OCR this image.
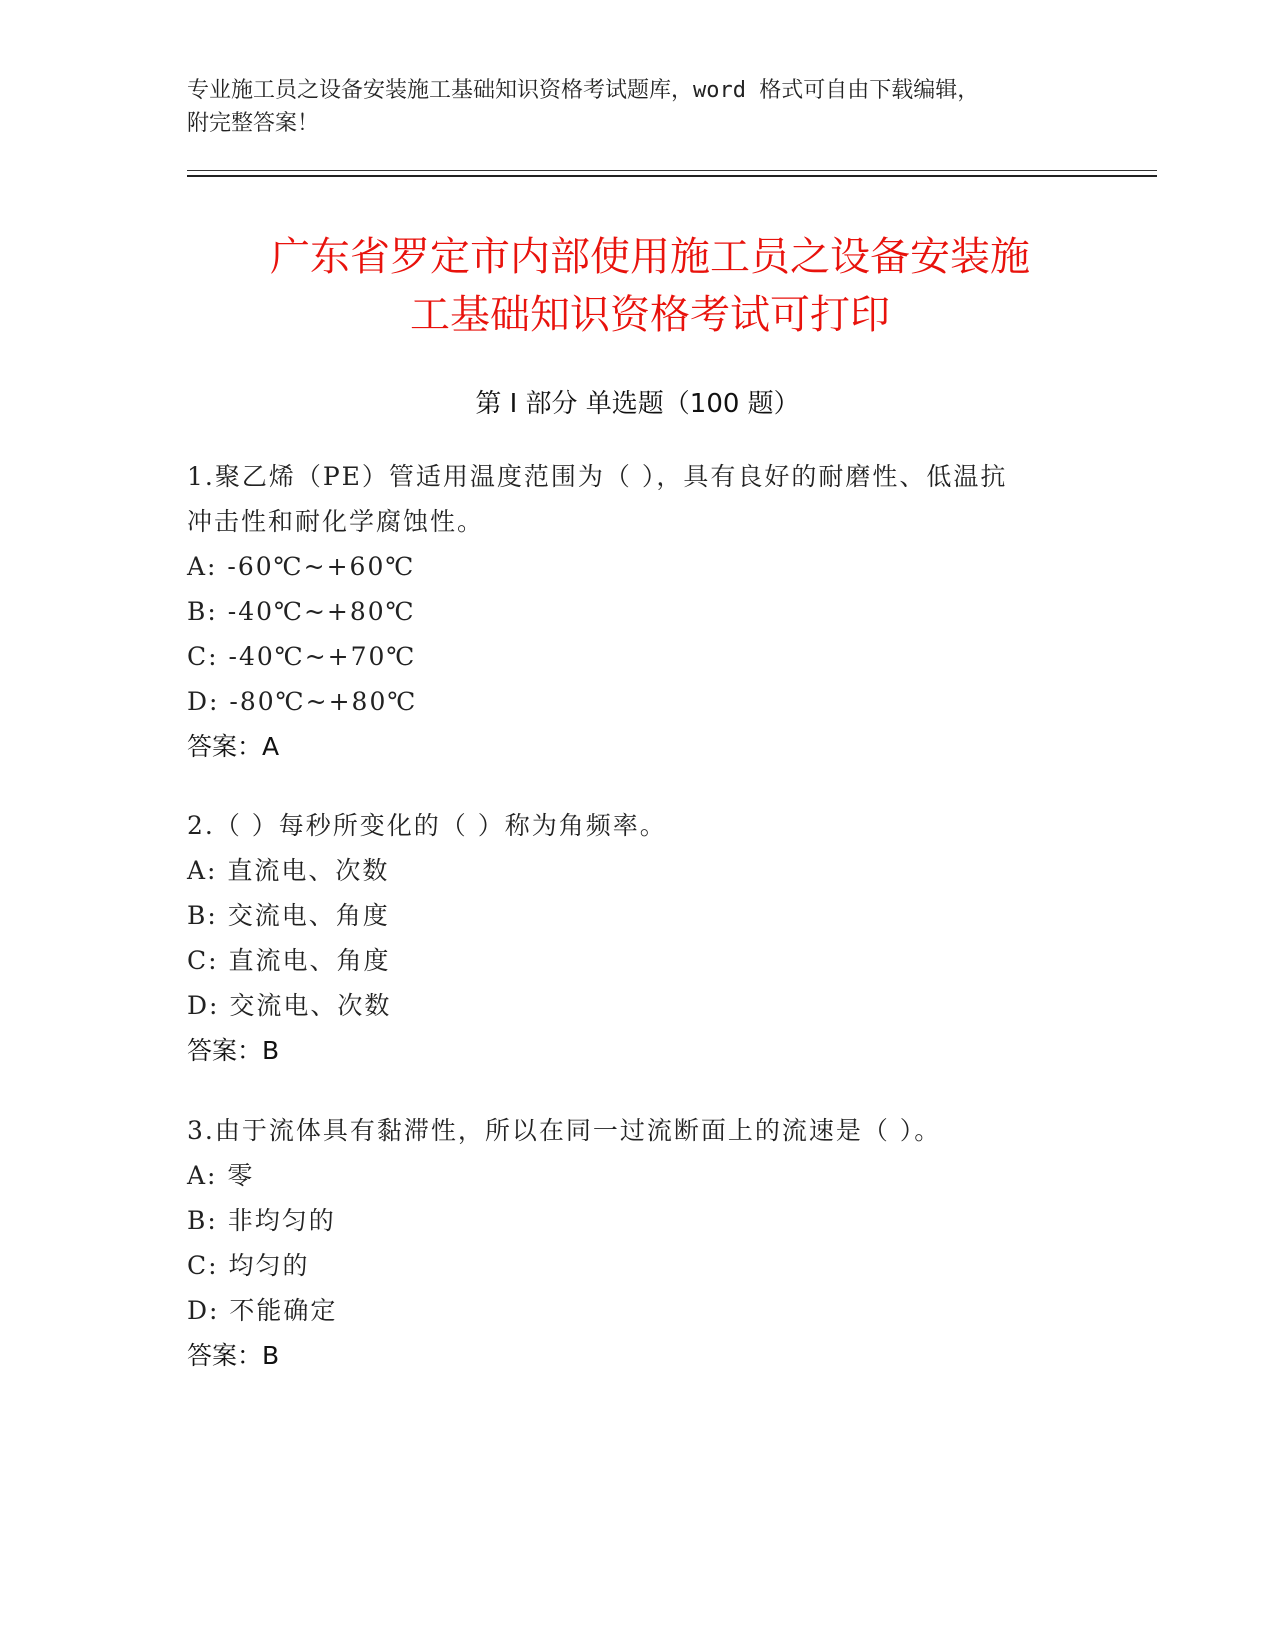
专业施工员之设备安装施工基础知识资格考试题库，word 格式可自由下载编辑，
附完整答案！
广东省罗定市内部使用施工员之设备安装施
工基础知识资格考试可打印
第 I 部分 单选题（100 题）
1.聚乙烯（PE）管适用温度范围为（ ），具有良好的耐磨性、低温抗
冲击性和耐化学腐蚀性。
A: -60℃~+60℃
B: -40℃~+80℃
C: -40℃~+70℃
D: -80℃~+80℃
答案：A
2.（ ）每秒所变化的（ ）称为角频率。
A: 直流电、次数
B: 交流电、角度
C: 直流电、角度
D: 交流电、次数
答案：B
3.由于流体具有黏滞性，所以在同一过流断面上的流速是（ ）。
A: 零
B: 非均匀的
C: 均匀的
D: 不能确定
答案：B
